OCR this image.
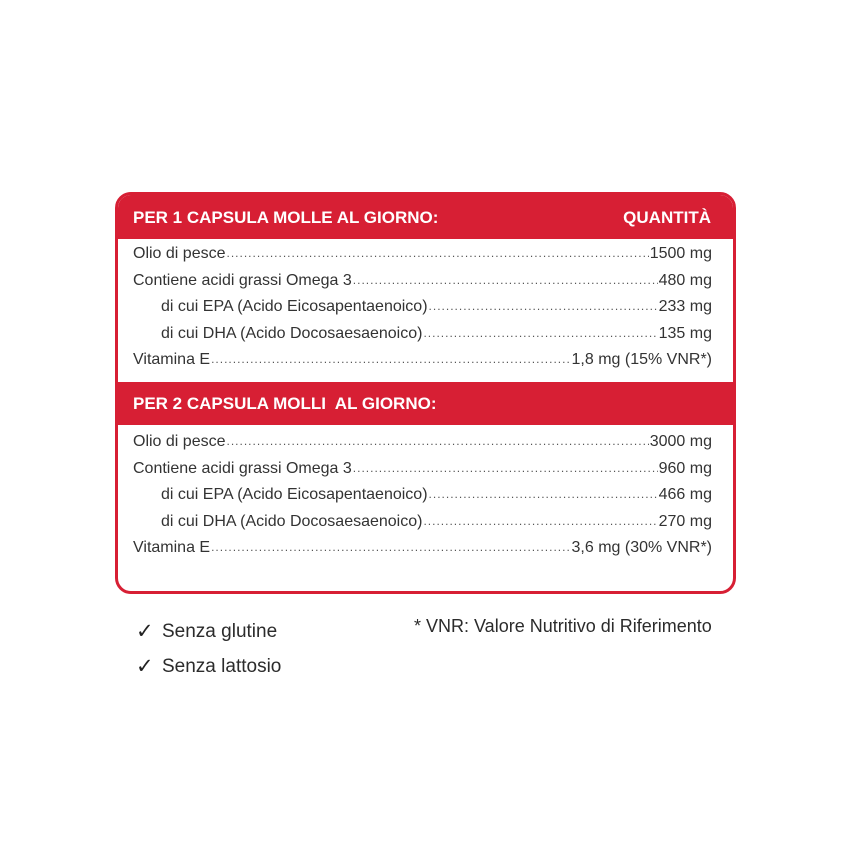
PER 1 CAPSULA MOLLE AL GIORNO:	QUANTITÀ
Olio di pesce .....	1500 mg
Contiene acidi grassi Omega 3 .....	480 mg
di cui EPA (Acido Eicosapentaenoico) .....	233 mg
di cui DHA (Acido Docosaesaenoico) .....	135 mg
Vitamina E .....	1,8 mg (15% VNR*)
PER 2 CAPSULA MOLLI  AL GIORNO:
Olio di pesce .....	3000 mg
Contiene acidi grassi Omega 3 .....	960 mg
di cui EPA (Acido Eicosapentaenoico) .....	466 mg
di cui DHA (Acido Docosaesaenoico) .....	270 mg
Vitamina E .....	3,6 mg (30% VNR*)
✓ Senza glutine
✓ Senza lattosio
* VNR: Valore Nutritivo di Riferimento
